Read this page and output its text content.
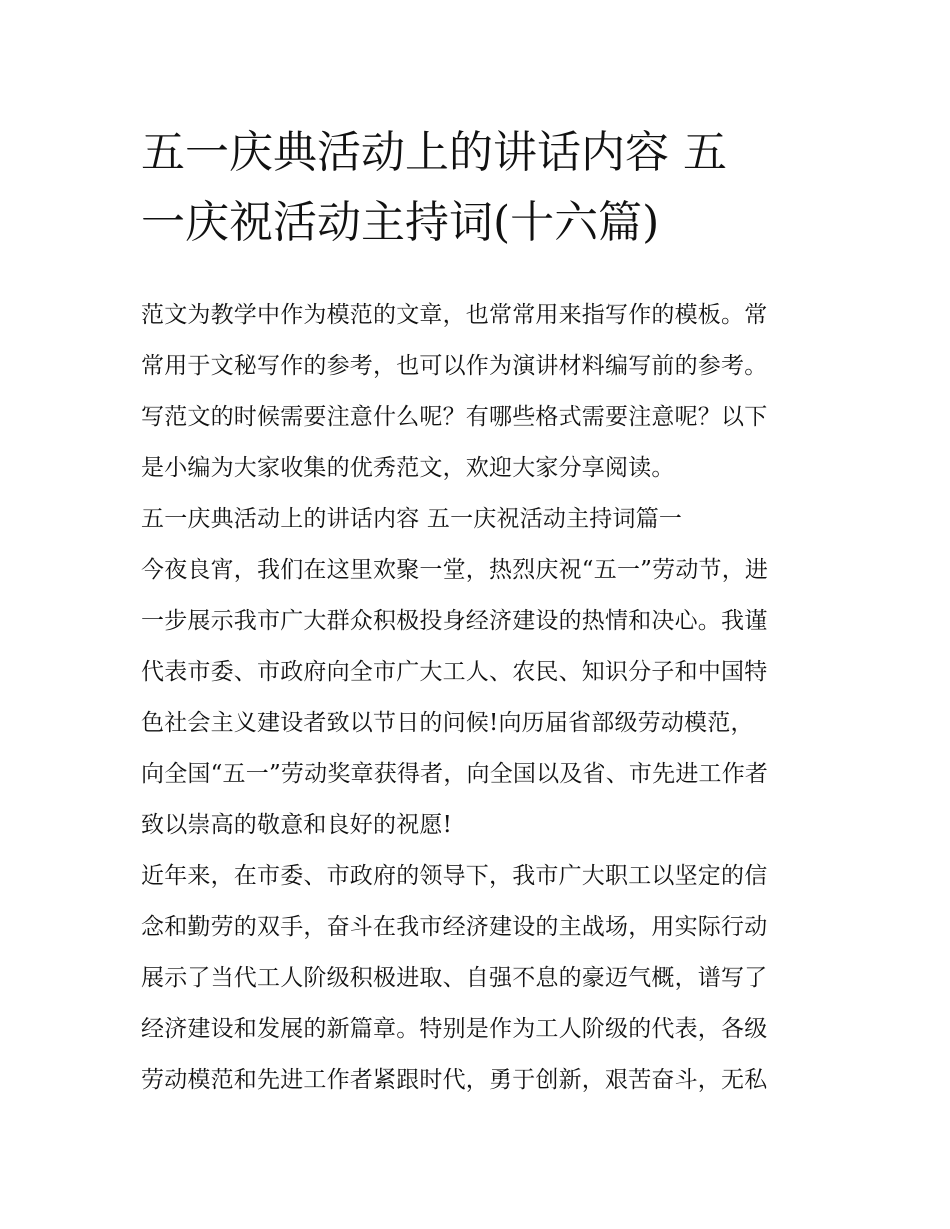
五一庆典活动上的讲话内容 五
一庆祝活动主持词(十六篇)

范文为教学中作为模范的文章，也常常用来指写作的模板。常

常用于文秘写作的参考，也可以作为演讲材料编写前的参考。

写范文的时候需要注意什么呢？有哪些格式需要注意呢？以下

是小编为大家收集的优秀范文，欢迎大家分享阅读。

五一庆典活动上的讲话内容 五一庆祝活动主持词篇一

今夜良宵，我们在这里欢聚一堂，热烈庆祝“五一”劳动节，进

一步展示我市广大群众积极投身经济建设的热情和决心。我谨

代表市委、市政府向全市广大工人、农民、知识分子和中国特

色社会主义建设者致以节日的问候!向历届省部级劳动模范，

向全国“五一”劳动奖章获得者，向全国以及省、市先进工作者

致以崇高的敬意和良好的祝愿!

近年来，在市委、市政府的领导下，我市广大职工以坚定的信

念和勤劳的双手，奋斗在我市经济建设的主战场，用实际行动

展示了当代工人阶级积极进取、自强不息的豪迈气概，谱写了

经济建设和发展的新篇章。特别是作为工人阶级的代表，各级

劳动模范和先进工作者紧跟时代，勇于创新，艰苦奋斗，无私
